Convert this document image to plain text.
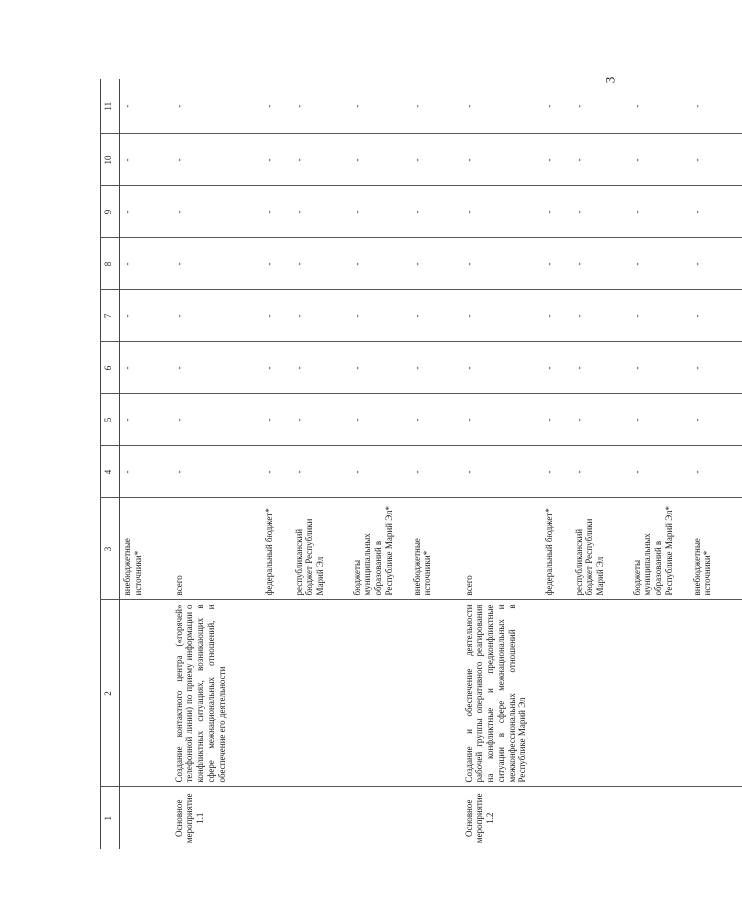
3
1	2	3	4	5	6	7	8	9	10	11
		внебюджетные источники*	-	-	-	-	-	-	-	-
Основное мероприятие 1.1	Создание контактного центра («горячей» телефонной линии) по приему информации о конфликтных ситуациях, возникающих в сфере межнациональных отношений, и обеспечение его деятельности	всего	-	-	-	-	-	-	-	-
		федеральный бюджет*	-	-	-	-	-	-	-	-
		республиканский бюджет Республики Марий Эл	-	-	-	-	-	-	-	-
		бюджеты муниципальных образований в Республике Марий Эл*	-	-	-	-	-	-	-	-
		внебюджетные источники*	-	-	-	-	-	-	-	-
Основное мероприятие 1.2	Создание и обеспечение деятельности рабочей группы оперативного реагирования на конфликтные и предконфликтные ситуации в сфере межнациональных и межконфессиональных отношений в Республике Марий Эл	всего	-	-	-	-	-	-	-	-
		федеральный бюджет*	-	-	-	-	-	-	-	-
		республиканский бюджет Республики Марий Эл	-	-	-	-	-	-	-	-
		бюджеты муниципальных образований в Республике Марий Эл*	-	-	-	-	-	-	-	-
		внебюджетные источники*	-	-	-	-	-	-	-	-
